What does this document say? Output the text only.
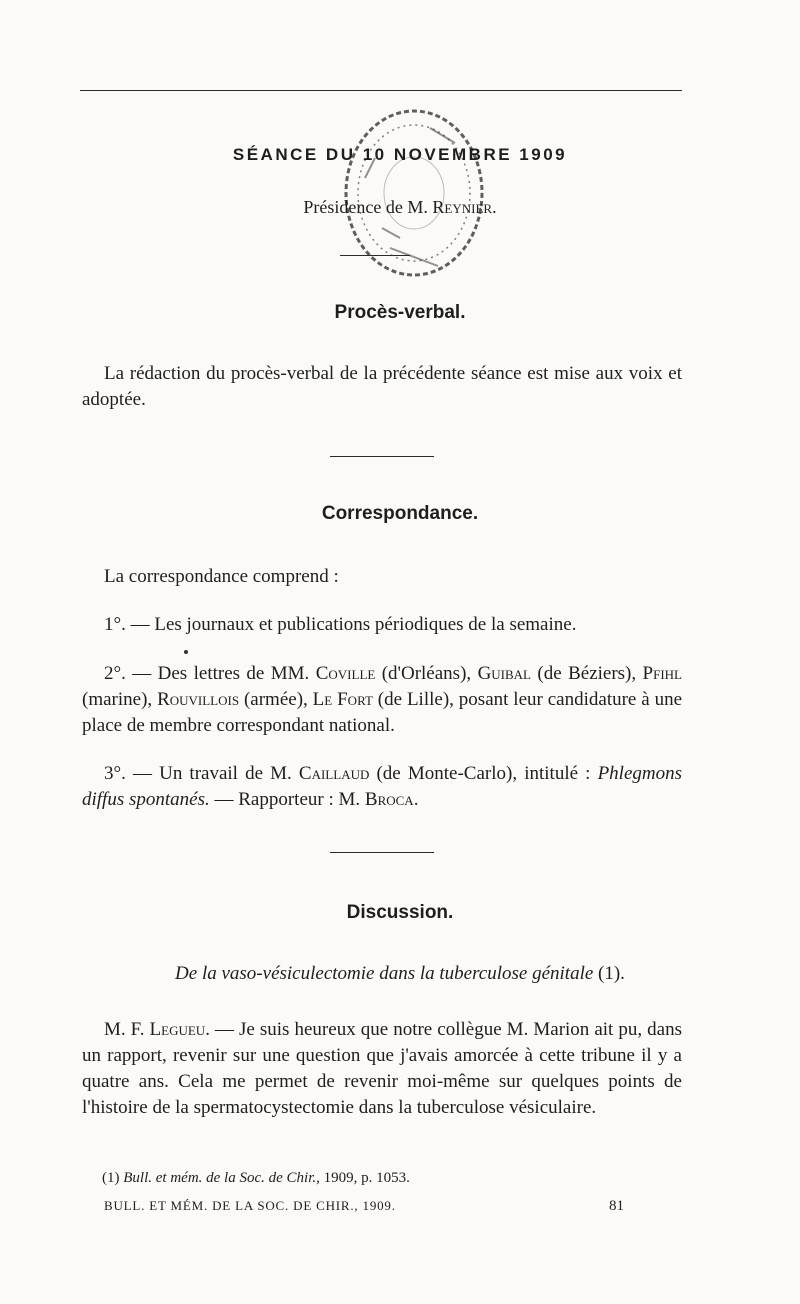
SÉANCE DU 10 NOVEMBRE 1909
Présidence de M. Reynier.
Procès-verbal.

La rédaction du procès-verbal de la précédente séance est mise aux voix et adoptée.

Correspondance.

La correspondance comprend :

1°. — Les journaux et publications périodiques de la semaine.

2°. — Des lettres de MM. Coville (d'Orléans), Guibal (de Béziers), Pfihl (marine), Rouvillois (armée), Le Fort (de Lille), posant leur candidature à une place de membre correspondant national.

3°. — Un travail de M. Caillaud (de Monte-Carlo), intitulé : Phlegmons diffus spontanés. — Rapporteur : M. Broca.

Discussion.
De la vaso-vésiculectomie dans la tuberculose génitale (1).

M. F. Legueu. — Je suis heureux que notre collègue M. Marion ait pu, dans un rapport, revenir sur une question que j'avais amorcée à cette tribune il y a quatre ans. Cela me permet de revenir moi-même sur quelques points de l'histoire de la spermatocystectomie dans la tuberculose vésiculaire.

(1) Bull. et mém. de la Soc. de Chir., 1909, p. 1053.
BULL. ET MÉM. DE LA SOC. DE CHIR., 1909.	81
